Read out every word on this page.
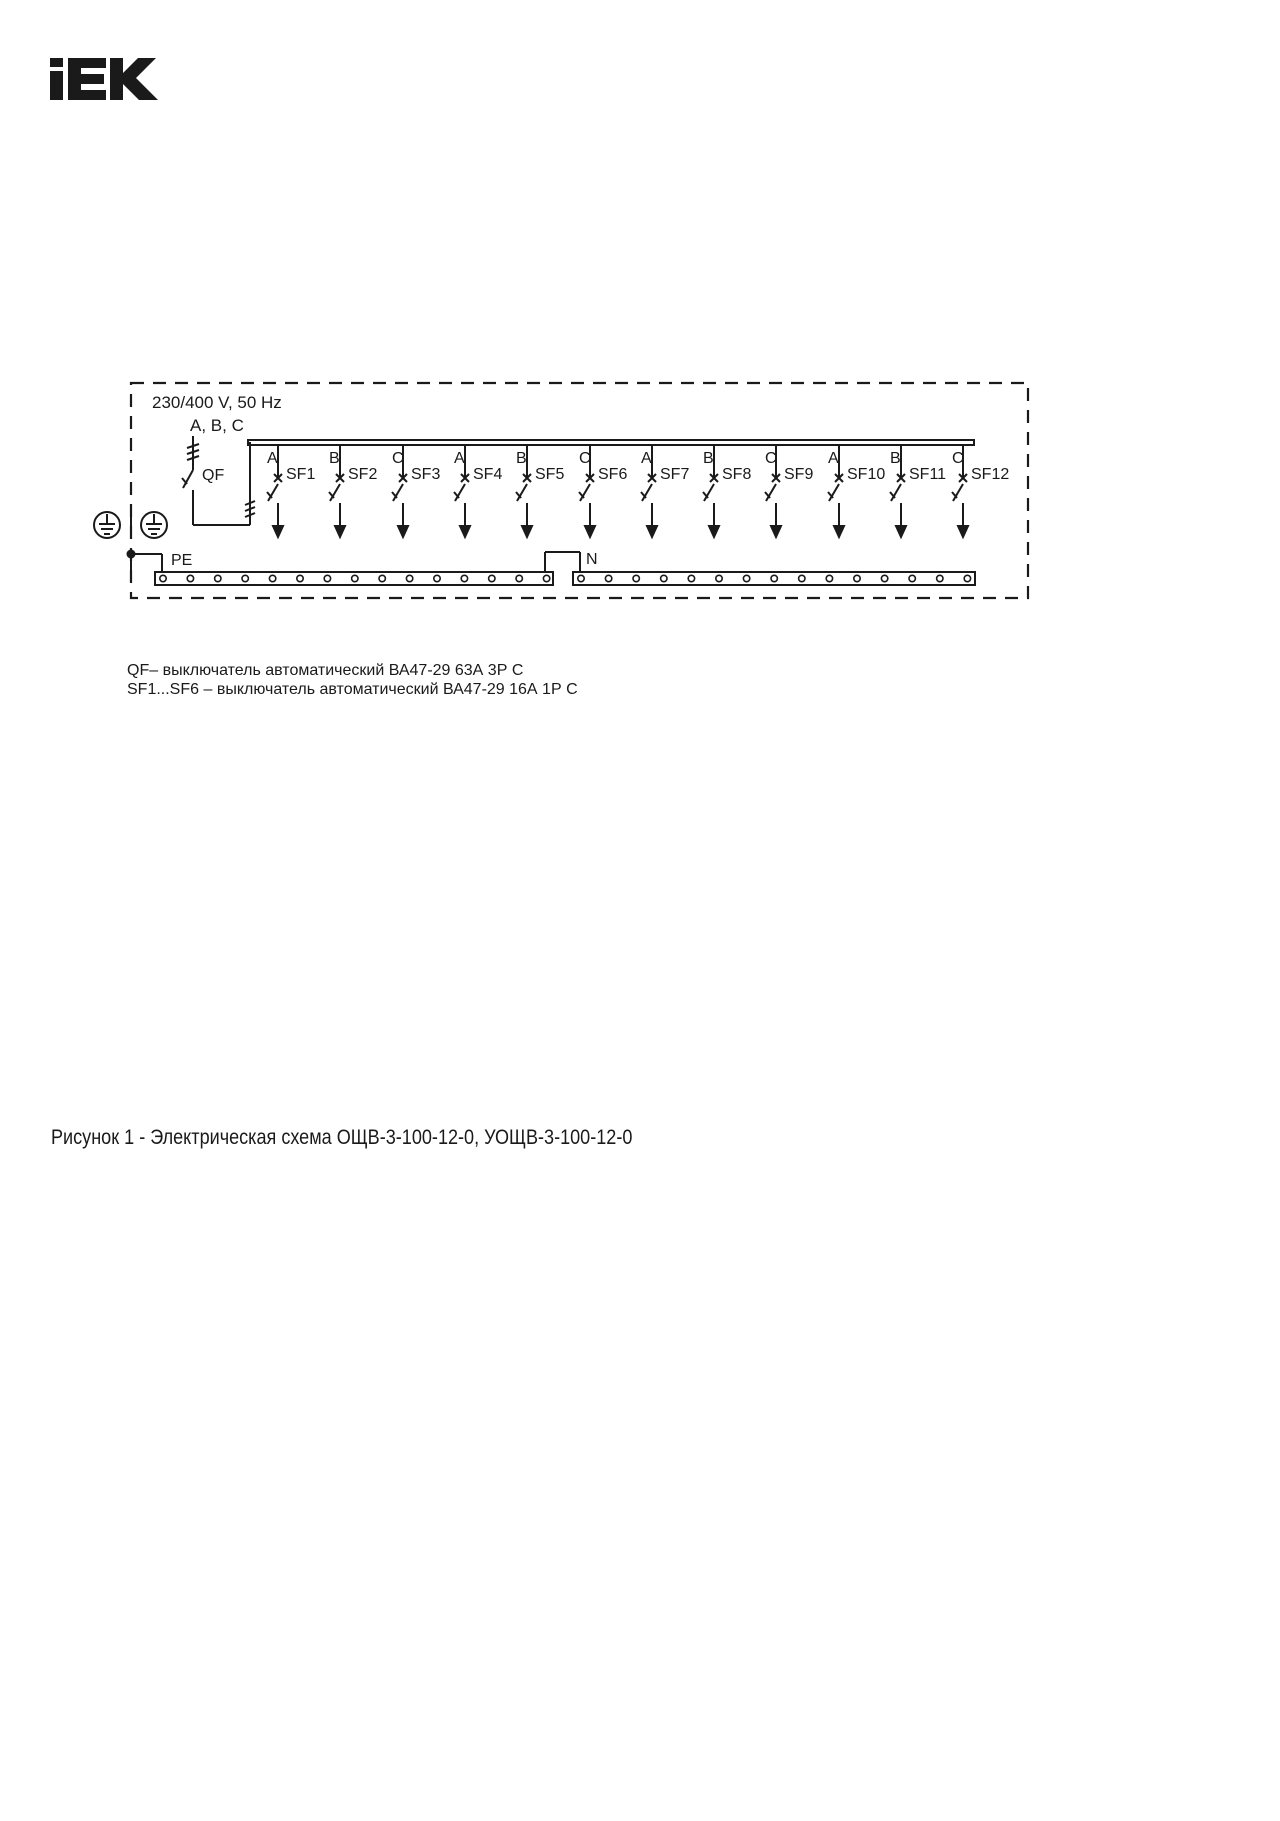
230/400 V, 50 Hz
A, B, C
QF
A
SF1
B
SF2
C
SF3
A
SF4
B
SF5
C
SF6
A
SF7
B
SF8
C
SF9
A
SF10
B
SF11
C
SF12
PE	N
QF– выключатель автоматический ВА47-29 63А 3Р С
SF1...SF6 – выключатель автоматический ВА47-29 16А 1Р С
Рисунок 1 - Электрическая схема ОЩВ-3-100-12-0, УОЩВ-3-100-12-0
